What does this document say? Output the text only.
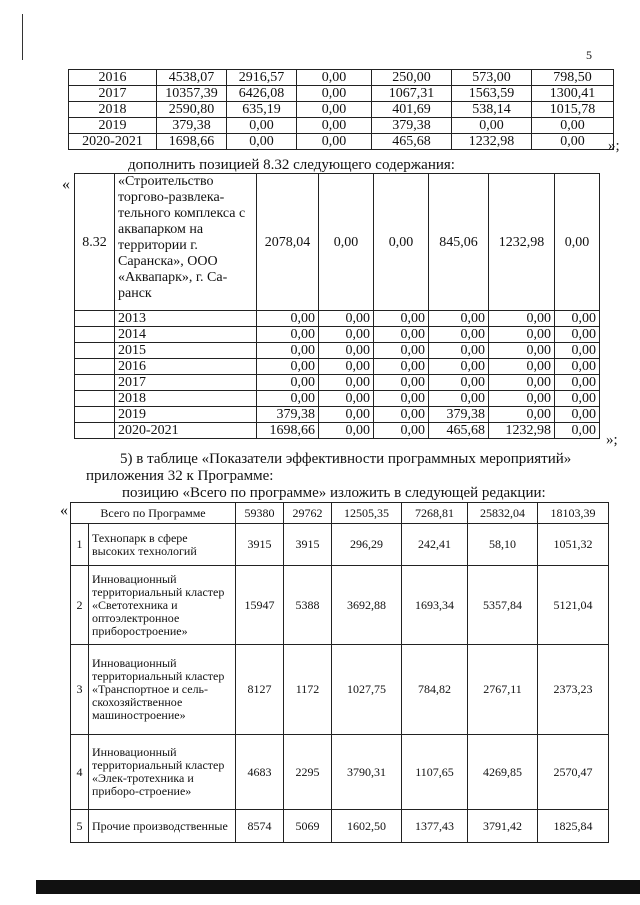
5
2016	4538,07	2916,57	0,00	250,00	573,00	798,50
2017	10357,39	6426,08	0,00	1067,31	1563,59	1300,41
2018	2590,80	635,19	0,00	401,69	538,14	1015,78
2019	379,38	0,00	0,00	379,38	0,00	0,00
2020-2021	1698,66	0,00	0,00	465,68	1232,98	0,00 »;
дополнить позицией 8.32 следующего содержания:
«
8.32	«Строительство торгово-развлека-тельного комплекса с аквапарком на территории г. Саранска», ООО «Аквапарк», г. Са-ранск	2078,04	0,00	0,00	845,06	1232,98	0,00
	2013	0,00	0,00	0,00	0,00	0,00	0,00
	2014	0,00	0,00	0,00	0,00	0,00	0,00
	2015	0,00	0,00	0,00	0,00	0,00	0,00
	2016	0,00	0,00	0,00	0,00	0,00	0,00
	2017	0,00	0,00	0,00	0,00	0,00	0,00
	2018	0,00	0,00	0,00	0,00	0,00	0,00
	2019	379,38	0,00	0,00	379,38	0,00	0,00
	2020-2021	1698,66	0,00	0,00	465,68	1232,98	0,00
»;
5) в таблице «Показатели эффективности программных мероприятий»
приложения 32 к Программе:
позицию «Всего по программе» изложить в следующей редакции:
«	Всего по Программе		59380	29762	12505,35	7268,81	25832,04	18103,39
1	Технопарк в сфере высоких технологий	3915	3915	296,29	242,41	58,10	1051,32
2	Инновационный территориальный кластер «Светотехника и оптоэлектронное приборостроение»	15947	5388	3692,88	1693,34	5357,84	5121,04
3	Инновационный территориальный кластер «Транспортное и сель-скохозяйственное машиностроение»	8127	1172	1027,75	784,82	2767,11	2373,23
4	Инновационный территориальный кластер «Элек-тротехника и приборо-строение»	4683	2295	3790,31	1107,65	4269,85	2570,47
5	Прочие производственные	8574	5069	1602,50	1377,43	3791,42	1825,84
